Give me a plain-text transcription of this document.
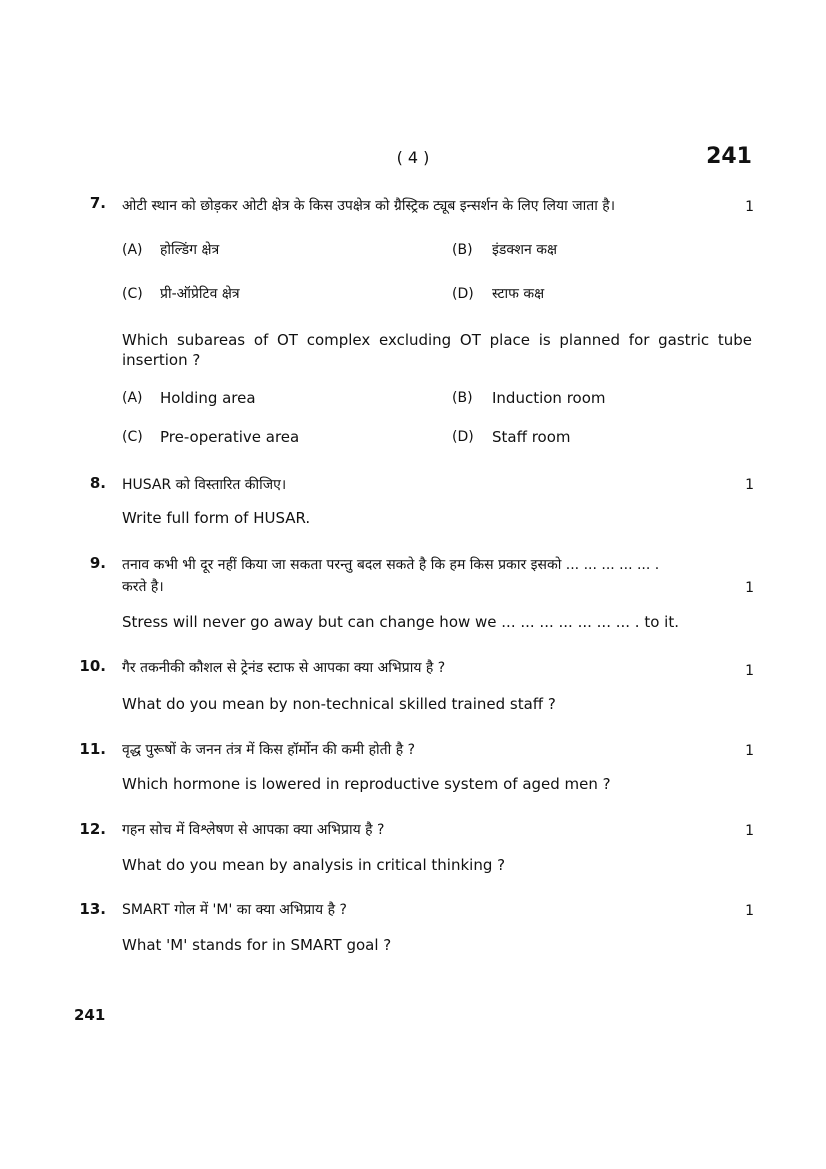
( 4 )	241
7. ओटी स्थान को छोड़कर ओटी क्षेत्र के किस उपक्षेत्र को ग्रैस्ट्रिक ट्यूब इन्सर्शन के लिए लिया जाता है।	1
(A) होल्डिंग क्षेत्र	(B) इंडक्शन कक्ष
(C) प्री-ऑप्रेटिव क्षेत्र	(D) स्टाफ कक्ष
Which subareas of OT complex excluding OT place is planned for gastric tube insertion ?
(A) Holding area	(B) Induction room
(C) Pre-operative area	(D) Staff room
8. HUSAR को विस्तारित कीजिए।	1
Write full form of HUSAR.
9. तनाव कभी भी दूर नहीं किया जा सकता परन्तु बदल सकते है कि हम किस प्रकार इसको ... ... ... ... ... .
करते है।	1
Stress will never go away but can change how we ... ... ... ... ... ... ... . to it.
10. गैर तकनीकी कौशल से ट्रेनंड स्टाफ से आपका क्या अभिप्राय है ?	1
What do you mean by non-technical skilled trained staff ?
11. वृद्ध पुरूषों के जनन तंत्र में किस हॉर्मोन की कमी होती है ?	1
Which hormone is lowered in reproductive system of aged men ?
12. गहन सोच में विश्लेषण से आपका क्या अभिप्राय है ?	1
What do you mean by analysis in critical thinking ?
13. SMART गोल में 'M' का क्या अभिप्राय है ?	1
What 'M' stands for in SMART goal ?
241
